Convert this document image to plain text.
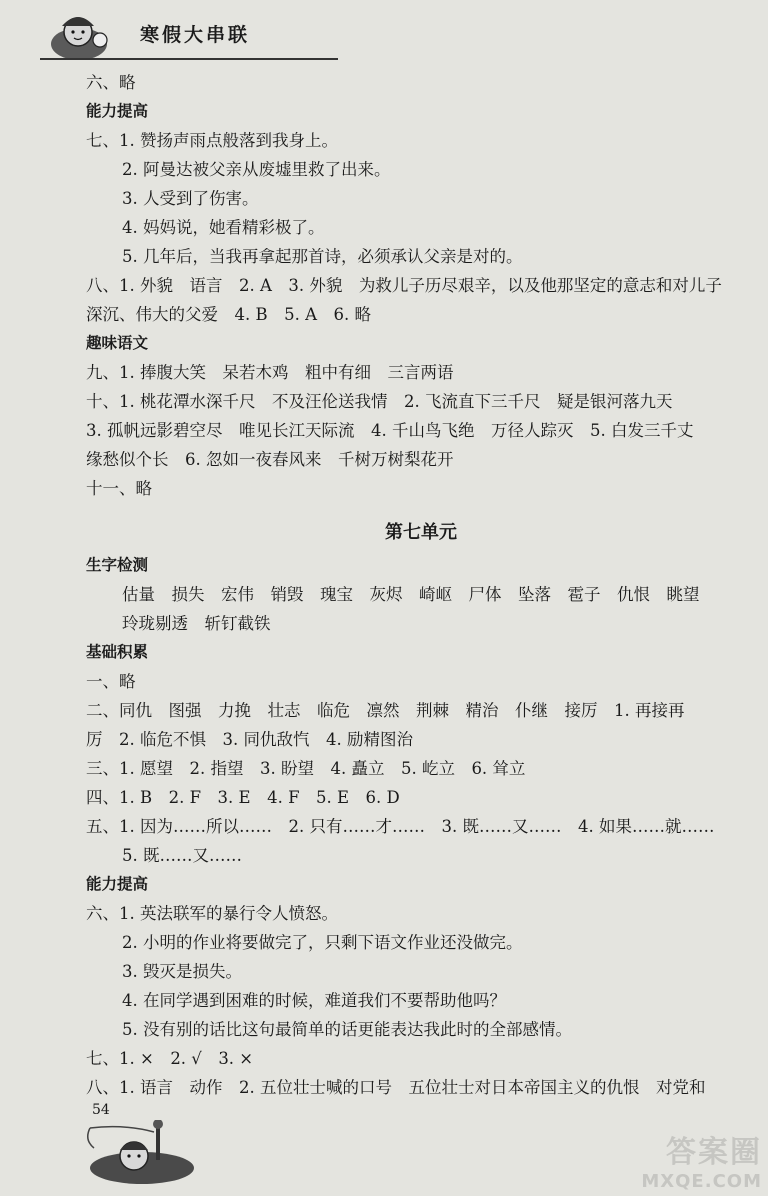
寒假大串联
六、略
能力提高
七、1. 赞扬声雨点般落到我身上。
2. 阿曼达被父亲从废墟里救了出来。
3. 人受到了伤害。
4. 妈妈说，她看精彩极了。
5. 几年后，当我再拿起那首诗，必须承认父亲是对的。
八、1. 外貌　语言　2. A　3. 外貌　为救儿子历尽艰辛，以及他那坚定的意志和对儿子
深沉、伟大的父爱　4. B　5. A　6. 略
趣味语文
九、1. 捧腹大笑　呆若木鸡　粗中有细　三言两语
十、1. 桃花潭水深千尺　不及汪伦送我情　2. 飞流直下三千尺　疑是银河落九天
3. 孤帆远影碧空尽　唯见长江天际流　4. 千山鸟飞绝　万径人踪灭　5. 白发三千丈
缘愁似个长　6. 忽如一夜春风来　千树万树梨花开
十一、略
第七单元
生字检测
估量　损失　宏伟　销毁　瑰宝　灰烬　崎岖　尸体　坠落　雹子　仇恨　眺望
玲珑剔透　斩钉截铁
基础积累
一、略
二、同仇　图强　力挽　壮志　临危　凛然　荆棘　精治　仆继　接厉　1. 再接再
厉　2. 临危不惧　3. 同仇敌忾　4. 励精图治
三、1. 愿望　2. 指望　3. 盼望　4. 矗立　5. 屹立　6. 耸立
四、1. B　2. F　3. E　4. F　5. E　6. D
五、1. 因为……所以……　2. 只有……才……　3. 既……又……　4. 如果……就……
5. 既……又……
能力提高
六、1. 英法联军的暴行令人愤怒。
2. 小明的作业将要做完了，只剩下语文作业还没做完。
3. 毁灭是损失。
4. 在同学遇到困难的时候，难道我们不要帮助他吗？
5. 没有别的话比这句最简单的话更能表达我此时的全部感情。
七、1. ×　2. √　3. ×
八、1. 语言　动作　2. 五位壮士喊的口号　五位壮士对日本帝国主义的仇恨　对党和
54
答案圈
MXQE.COM
